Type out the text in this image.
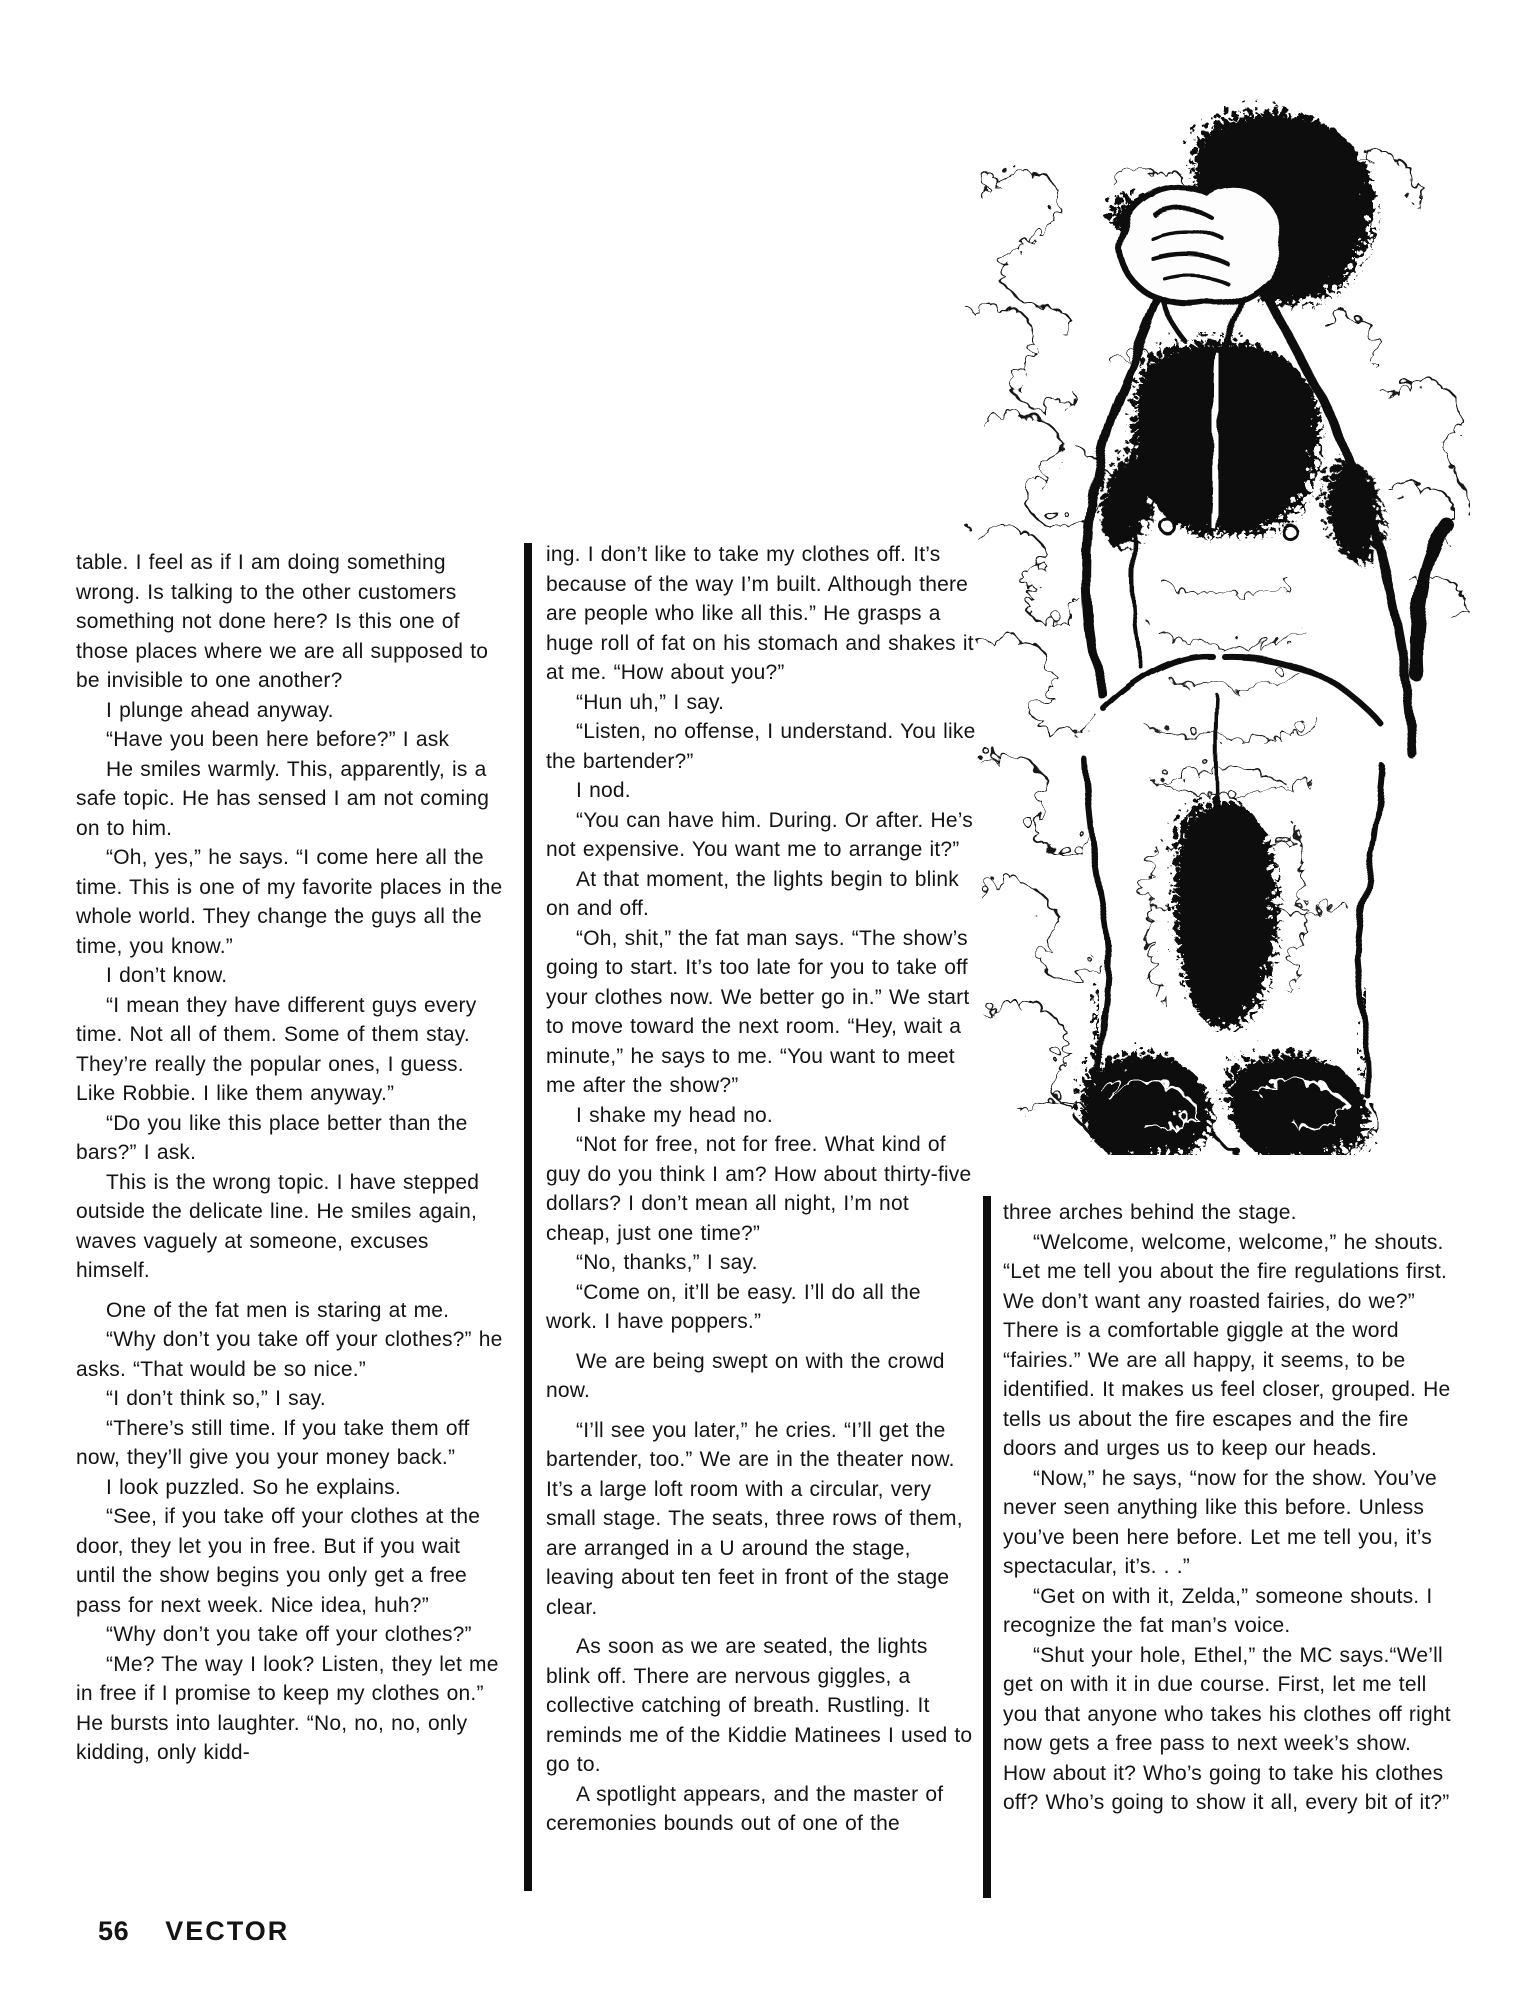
table. I feel as if I am doing something wrong. Is talking to the other customers something not done here? Is this one of those places where we are all supposed to be invisible to one another?

I plunge ahead anyway.

“Have you been here before?” I ask

He smiles warmly. This, apparently, is a safe topic. He has sensed I am not coming on to him.

“Oh, yes,” he says. “I come here all the time. This is one of my favorite places in the whole world. They change the guys all the time, you know.”

I don’t know.

“I mean they have different guys every time. Not all of them. Some of them stay. They’re really the popular ones, I guess. Like Robbie. I like them anyway.”

“Do you like this place better than the bars?” I ask.

This is the wrong topic. I have stepped outside the delicate line. He smiles again, waves vaguely at someone, excuses himself.

One of the fat men is staring at me.

“Why don’t you take off your clothes?” he asks. “That would be so nice.”

“I don’t think so,” I say.

“There’s still time. If you take them off now, they’ll give you your money back.”

I look puzzled. So he explains.

“See, if you take off your clothes at the door, they let you in free. But if you wait until the show begins you only get a free pass for next week. Nice idea, huh?”

“Why don’t you take off your clothes?”

“Me? The way I look? Listen, they let me in free if I promise to keep my clothes on.” He bursts into laughter. “No, no, no, only kidding, only kidd-

ing. I don’t like to take my clothes off. It’s because of the way I’m built. Although there are people who like all this.” He grasps a huge roll of fat on his stomach and shakes it at me. “How about you?”

“Hun uh,” I say.

“Listen, no offense, I understand. You like the bartender?”

I nod.

“You can have him. During. Or after. He’s not expensive. You want me to arrange it?”

At that moment, the lights begin to blink on and off.

“Oh, shit,” the fat man says. “The show’s going to start. It’s too late for you to take off your clothes now. We better go in.” We start to move toward the next room. “Hey, wait a minute,” he says to me. “You want to meet me after the show?”

I shake my head no.

“Not for free, not for free. What kind of guy do you think I am? How about thirty-five dollars? I don’t mean all night, I’m not cheap, just one time?”

“No, thanks,” I say.

“Come on, it’ll be easy. I’ll do all the work. I have poppers.”

We are being swept on with the crowd now.

“I’ll see you later,” he cries. “I’ll get the bartender, too.” We are in the theater now. It’s a large loft room with a circular, very small stage. The seats, three rows of them, are arranged in a U around the stage, leaving about ten feet in front of the stage clear.

As soon as we are seated, the lights blink off. There are nervous giggles, a collective catching of breath. Rustling. It reminds me of the Kiddie Matinees I used to go to.

A spotlight appears, and the master of ceremonies bounds out of one of the

three arches behind the stage.

“Welcome, welcome, welcome,” he shouts. “Let me tell you about the fire regulations first. We don’t want any roasted fairies, do we?” There is a comfortable giggle at the word “fairies.” We are all happy, it seems, to be identified. It makes us feel closer, grouped. He tells us about the fire escapes and the fire doors and urges us to keep our heads.

“Now,” he says, “now for the show. You’ve never seen anything like this before. Unless you’ve been here before. Let me tell you, it’s spectacular, it’s. . .”

“Get on with it, Zelda,” someone shouts. I recognize the fat man’s voice.

“Shut your hole, Ethel,” the MC says.“We’ll get on with it in due course. First, let me tell you that anyone who takes his clothes off right now gets a free pass to next week’s show. How about it? Who’s going to take his clothes off? Who’s going to show it all, every bit of it?”

56 VECTOR
